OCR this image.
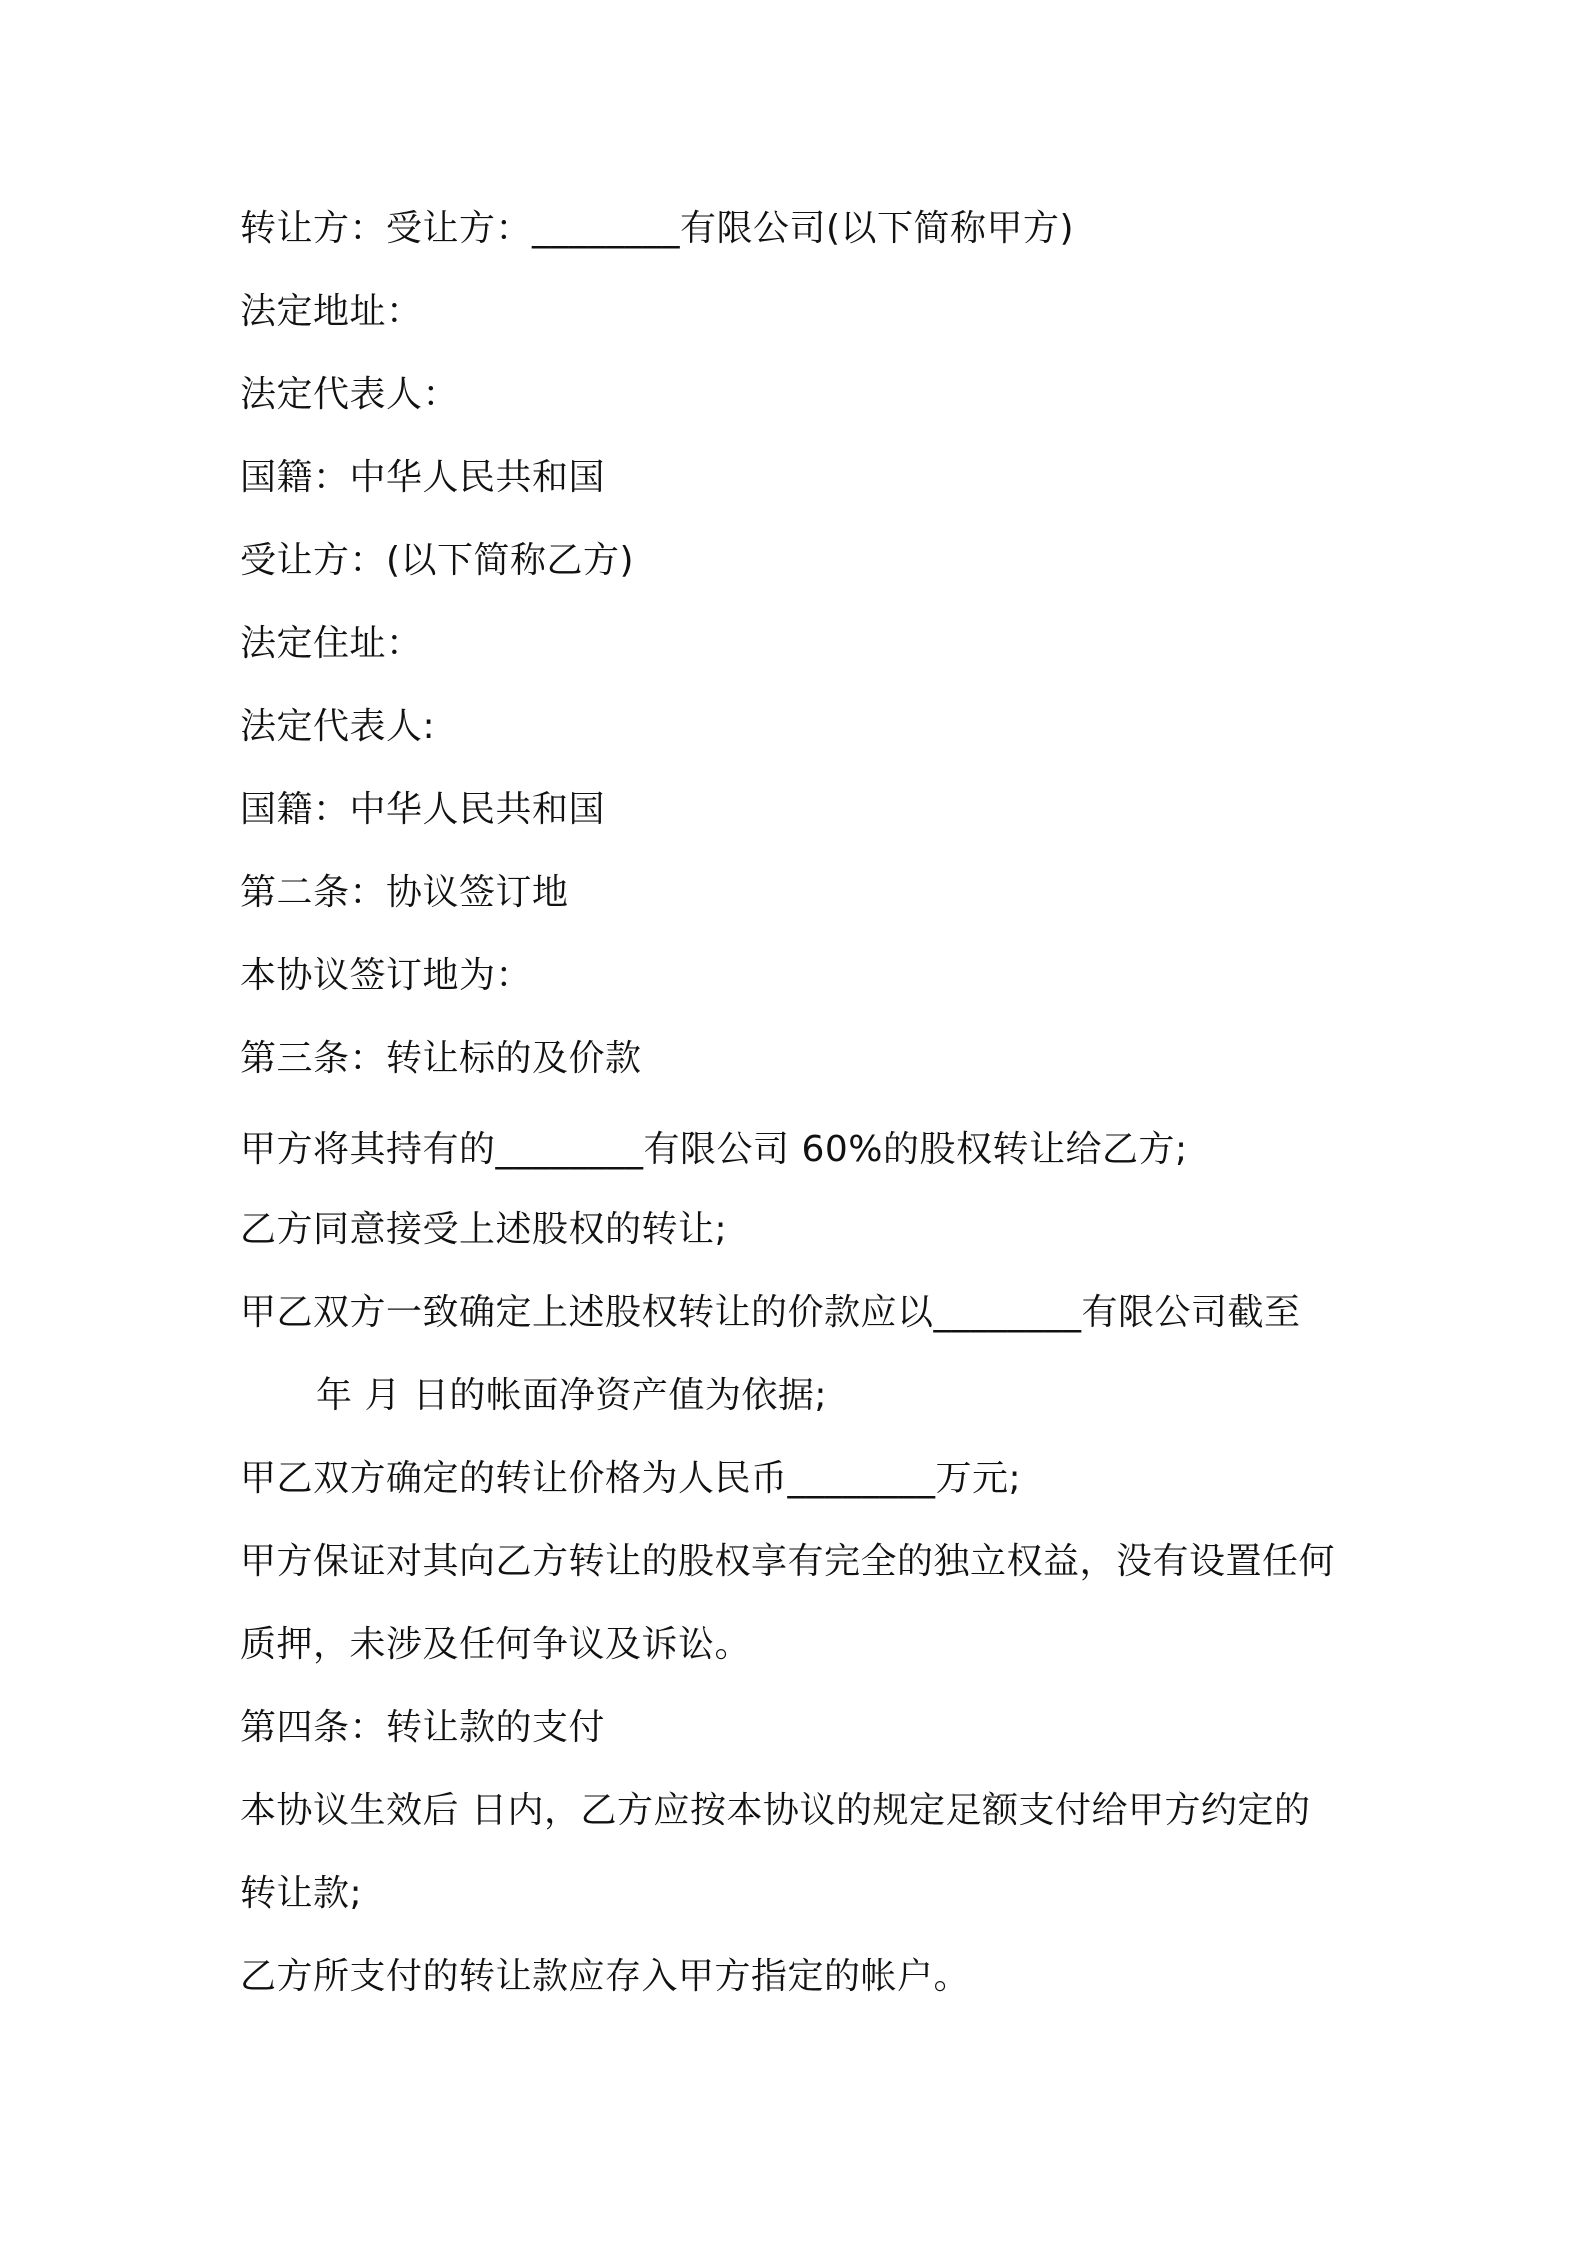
转让方：受让方：________有限公司(以下简称甲方)
法定地址：
法定代表人：
国籍：中华人民共和国
受让方：(以下简称乙方)
法定住址：
法定代表人:
国籍：中华人民共和国
第二条：协议签订地
本协议签订地为：
第三条：转让标的及价款
甲方将其持有的________有限公司 60%的股权转让给乙方;
乙方同意接受上述股权的转让;
甲乙双方一致确定上述股权转让的价款应以________有限公司截至
年 月 日的帐面净资产值为依据;
甲乙双方确定的转让价格为人民币________万元;
甲方保证对其向乙方转让的股权享有完全的独立权益，没有设置任何
质押，未涉及任何争议及诉讼。
第四条：转让款的支付
本协议生效后 日内，乙方应按本协议的规定足额支付给甲方约定的
转让款;
乙方所支付的转让款应存入甲方指定的帐户。
